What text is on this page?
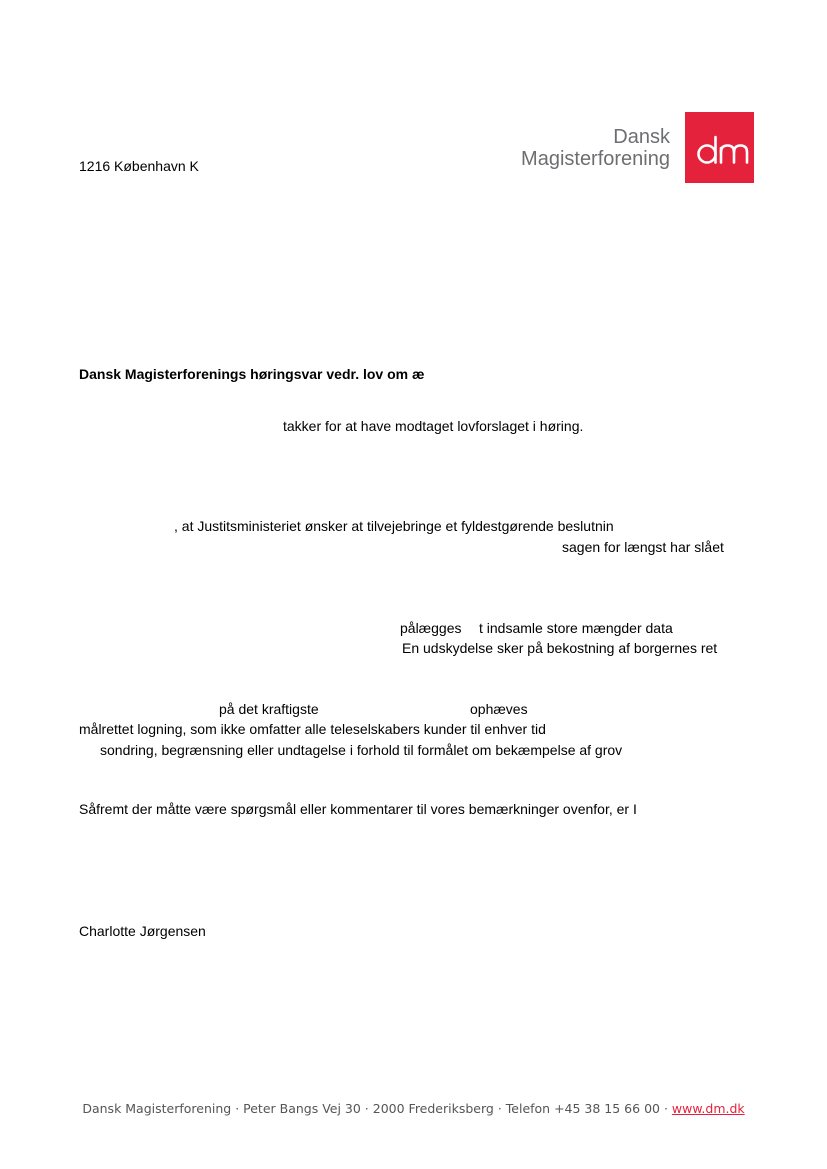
Dansk
Magisterforening
1216 København K
Dansk Magisterforenings høringsvar vedr. lov om æ
takker for at have modtaget lovforslaget i høring.
, at Justitsministeriet ønsker at tilvejebringe et fyldestgørende beslutnin
sagen for længst har slået
pålægges t indsamle store mængder data
En udskydelse sker på bekostning af borgernes ret
på det kraftigste	ophæves
målrettet logning, som ikke omfatter alle teleselskabers kunder til enhver tid
sondring, begrænsning eller undtagelse i forhold til formålet om bekæmpelse af grov
Såfremt der måtte være spørgsmål eller kommentarer til vores bemærkninger ovenfor, er I
Charlotte Jørgensen
Dansk Magisterforening · Peter Bangs Vej 30 · 2000 Frederiksberg · Telefon +45 38 15 66 00 · www.dm.dk
